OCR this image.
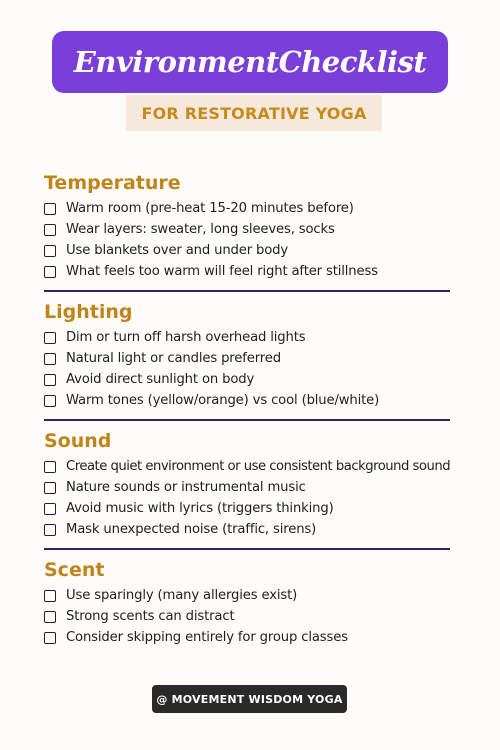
EnvironmentChecklist
FOR RESTORATIVE YOGA
Temperature
Warm room (pre-heat 15-20 minutes before)
Wear layers: sweater, long sleeves, socks
Use blankets over and under body
What feels too warm will feel right after stillness
Lighting
Dim or turn off harsh overhead lights
Natural light or candles preferred
Avoid direct sunlight on body
Warm tones (yellow/orange) vs cool (blue/white)
Sound
Create quiet environment or use consistent background sound
Nature sounds or instrumental music
Avoid music with lyrics (triggers thinking)
Mask unexpected noise (traffic, sirens)
Scent
Use sparingly (many allergies exist)
Strong scents can distract
Consider skipping entirely for group classes
@ MOVEMENT WISDOM YOGA
